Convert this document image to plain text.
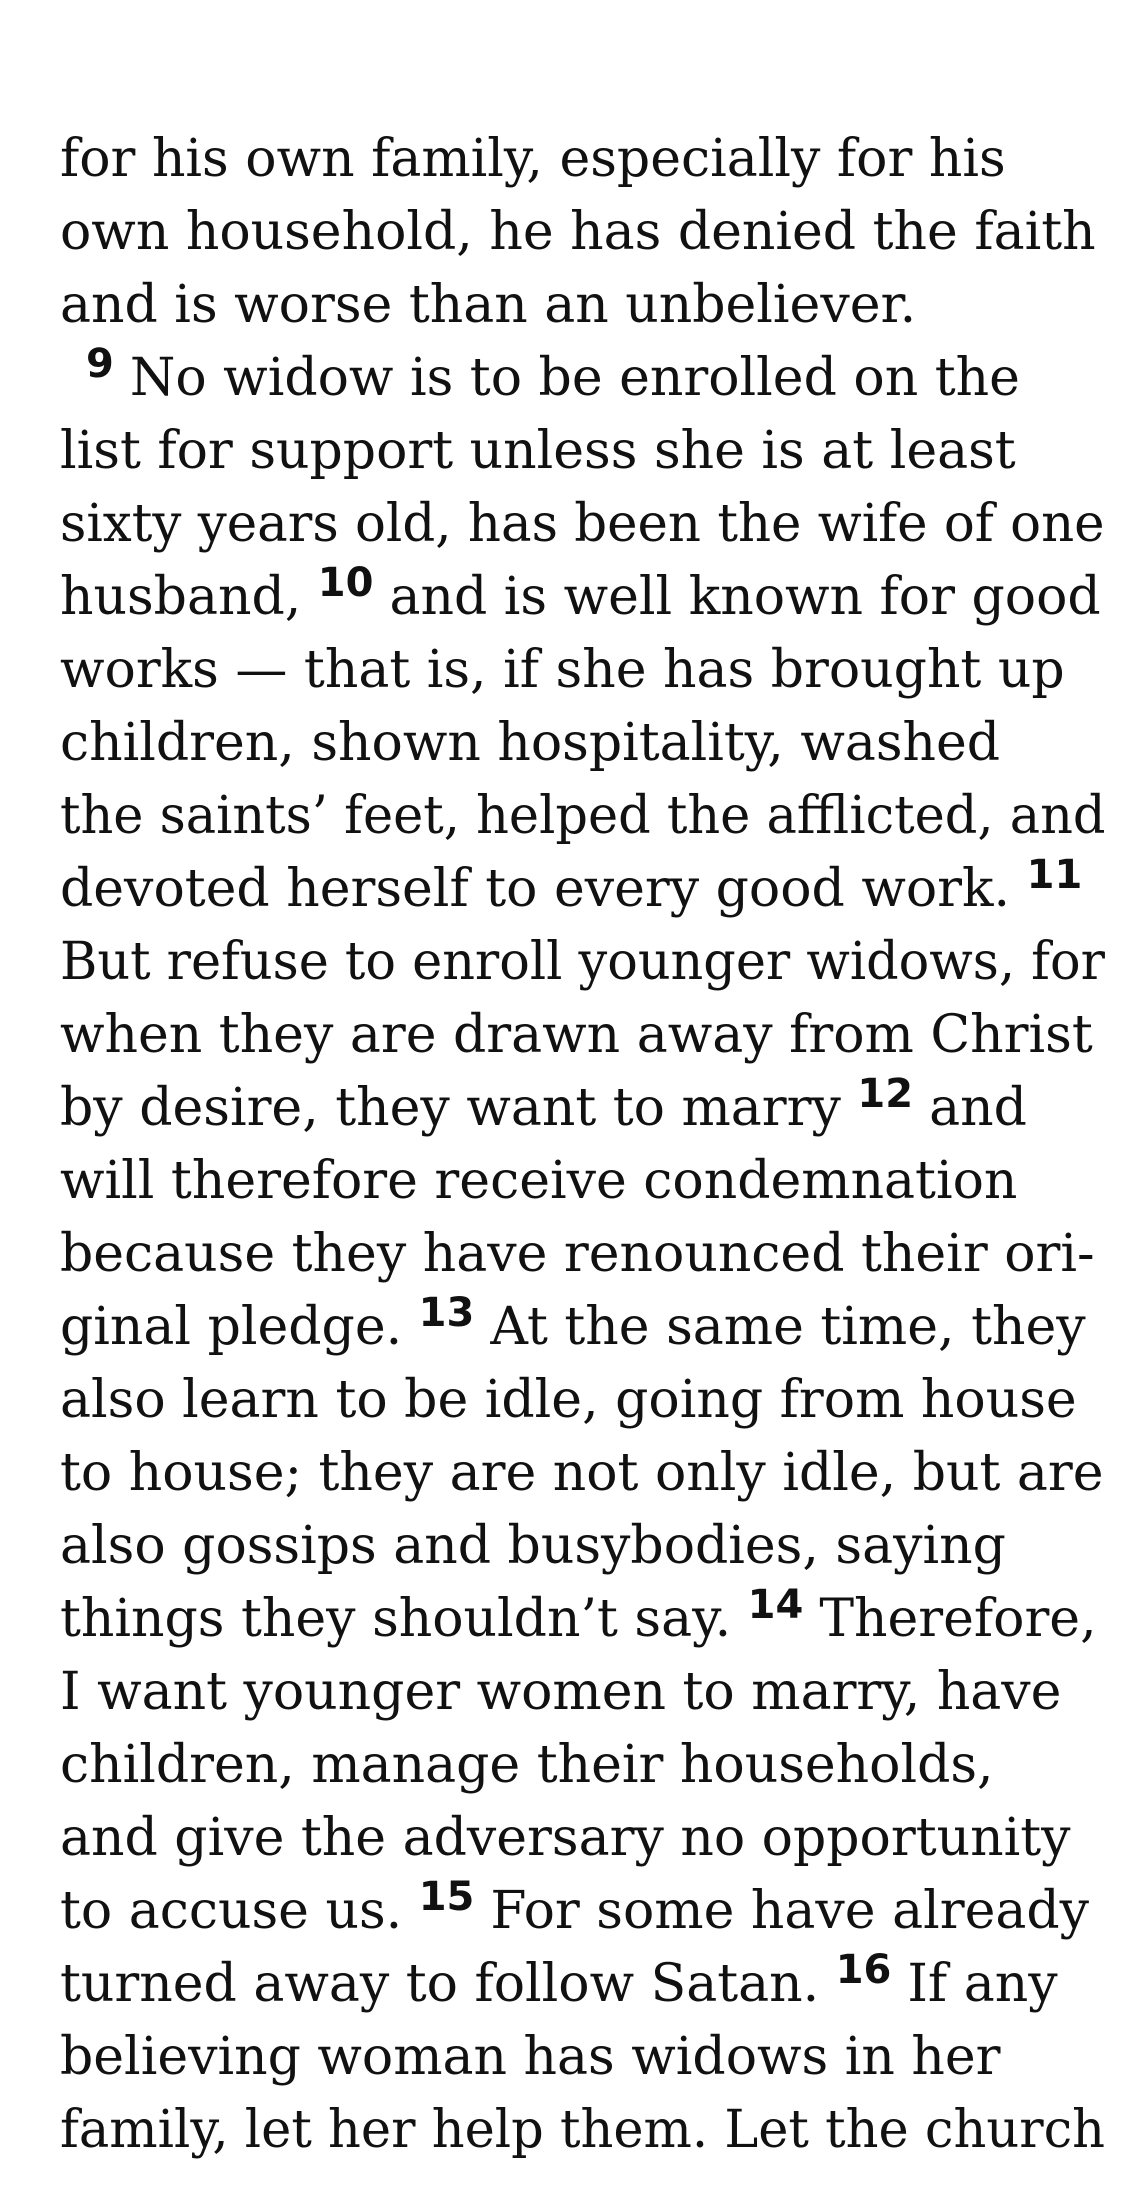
for his own family, especially for his
own household, he has denied the faith
and is worse than an unbeliever.
$^9$ No widow is to be enrolled on the
list for support unless she is at least
sixty years old, has been the wife of one
husband, $^{10}$ and is well known for good
works — that is, if she has brought up
children, shown hospitality, washed
the saints’ feet, helped the afflicted, and
devoted herself to every good work. $^{11}$
But refuse to enroll younger widows, for
when they are drawn away from Christ
by desire, they want to marry $^{12}$ and
will therefore receive condemnation
because they have renounced their ori-
ginal pledge. $^{13}$ At the same time, they
also learn to be idle, going from house
to house; they are not only idle, but are
also gossips and busybodies, saying
things they shouldn’t say. $^{14}$ Therefore,
I want younger women to marry, have
children, manage their households,
and give the adversary no opportunity
to accuse us. $^{15}$ For some have already
turned away to follow Satan. $^{16}$ If any
believing woman has widows in her
family, let her help them. Let the church
